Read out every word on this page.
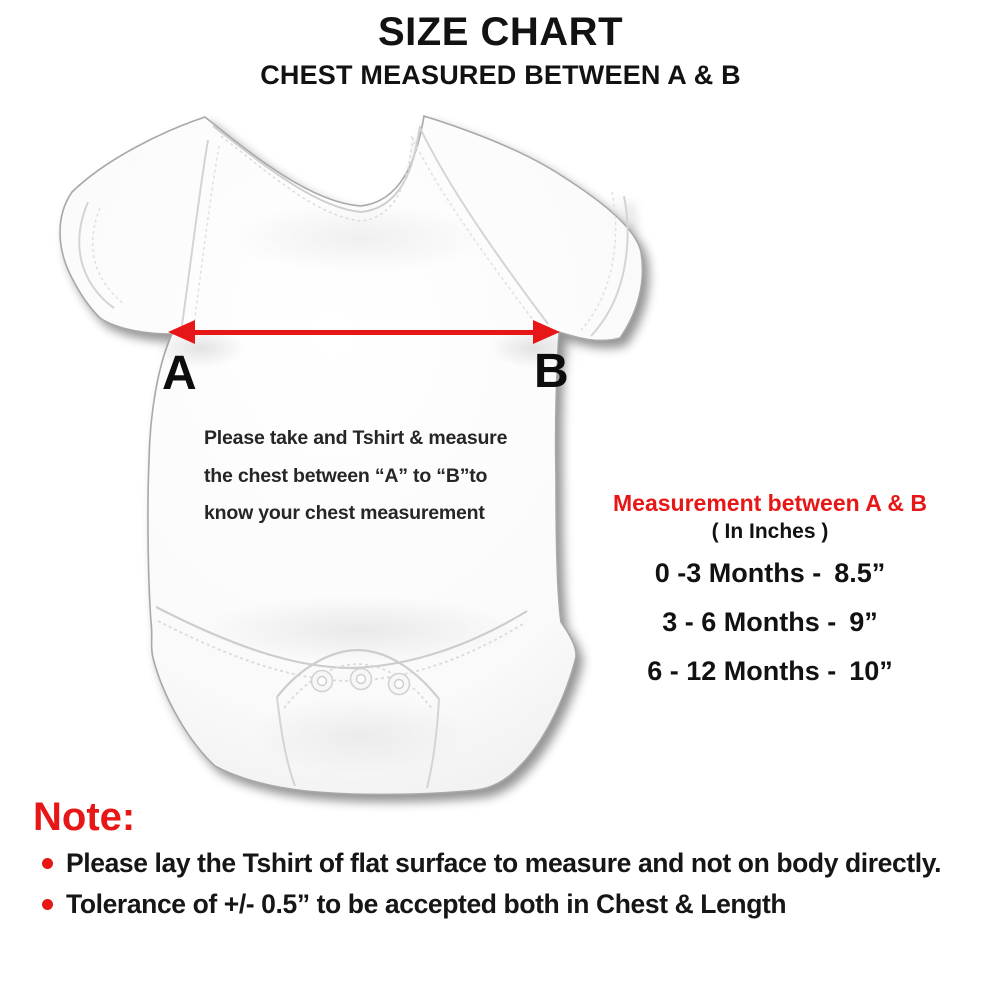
SIZE CHART
CHEST MEASURED BETWEEN A & B
A	B

Please take and Tshirt & measure

the chest between “A” to “B”to

know your chest measurement	Measurement between A & B
( In Inches )
0 -3 Months - 8.5”
3 - 6 Months - 9”
6 - 12 Months - 10”
Note:
Please lay the Tshirt of flat surface to measure and not on body directly.
Tolerance of +/- 0.5” to be accepted both in Chest & Length
